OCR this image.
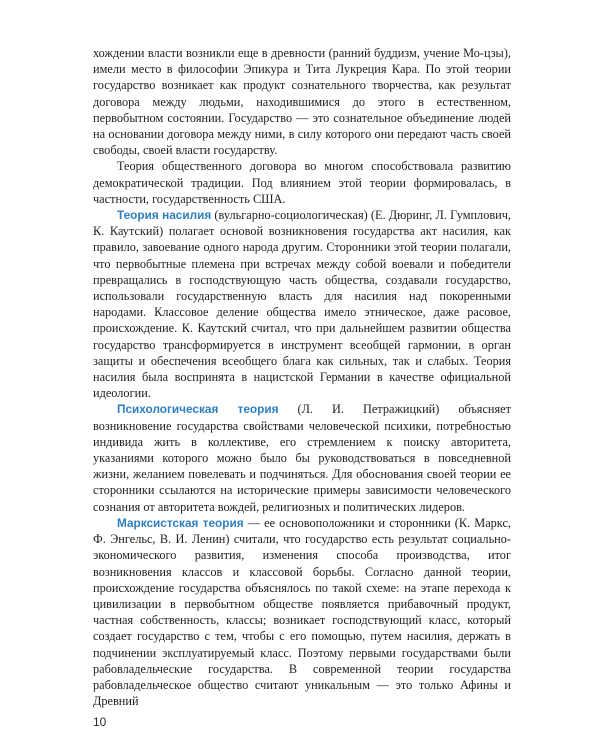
хождении власти возникли еще в древности (ранний буддизм, учение Мо-цзы), имели место в философии Эпикура и Тита Лукреция Кара. По этой теории государство возникает как продукт сознательного творчества, как результат договора между людьми, находившимися до этого в естественном, первобытном состоянии. Государство — это сознательное объединение людей на основании договора между ними, в силу которого они передают часть своей свободы, своей власти государству.

Теория общественного договора во многом способствовала развитию демократической традиции. Под влиянием этой теории формировалась, в частности, государственность США.

Теория насилия (вульгарно-социологическая) (Е. Дюринг, Л. Гумплович, К. Каутский) полагает основой возникновения государства акт насилия, как правило, завоевание одного народа другим. Сторонники этой теории полагали, что первобытные племена при встречах между собой воевали и победители превращались в господствующую часть общества, создавали государство, использовали государственную власть для насилия над покоренными народами. Классовое деление общества имело этническое, даже расовое, происхождение. К. Каутский считал, что при дальнейшем развитии общества государство трансформируется в инструмент всеобщей гармонии, в орган защиты и обеспечения всеобщего блага как сильных, так и слабых. Теория насилия была воспринята в нацистской Германии в качестве официальной идеологии.

Психологическая теория (Л. И. Петражицкий) объясняет возникновение государства свойствами человеческой психики, потребностью индивида жить в коллективе, его стремлением к поиску авторитета, указаниями которого можно было бы руководствоваться в повседневной жизни, желанием повелевать и подчиняться. Для обоснования своей теории ее сторонники ссылаются на исторические примеры зависимости человеческого сознания от авторитета вождей, религиозных и политических лидеров.

Марксистская теория — ее основоположники и сторонники (К. Маркс, Ф. Энгельс, В. И. Ленин) считали, что государство есть результат социально-экономического развития, изменения способа производства, итог возникновения классов и классовой борьбы. Согласно данной теории, происхождение государства объяснялось по такой схеме: на этапе перехода к цивилизации в первобытном обществе появляется прибавочный продукт, частная собственность, классы; возникает господствующий класс, который создает государство с тем, чтобы с его помощью, путем насилия, держать в подчинении эксплуатируемый класс. Поэтому первыми государствами были рабовладельческие государства. В современной теории государства рабовладельческое общество считают уникальным — это только Афины и Древний

10
